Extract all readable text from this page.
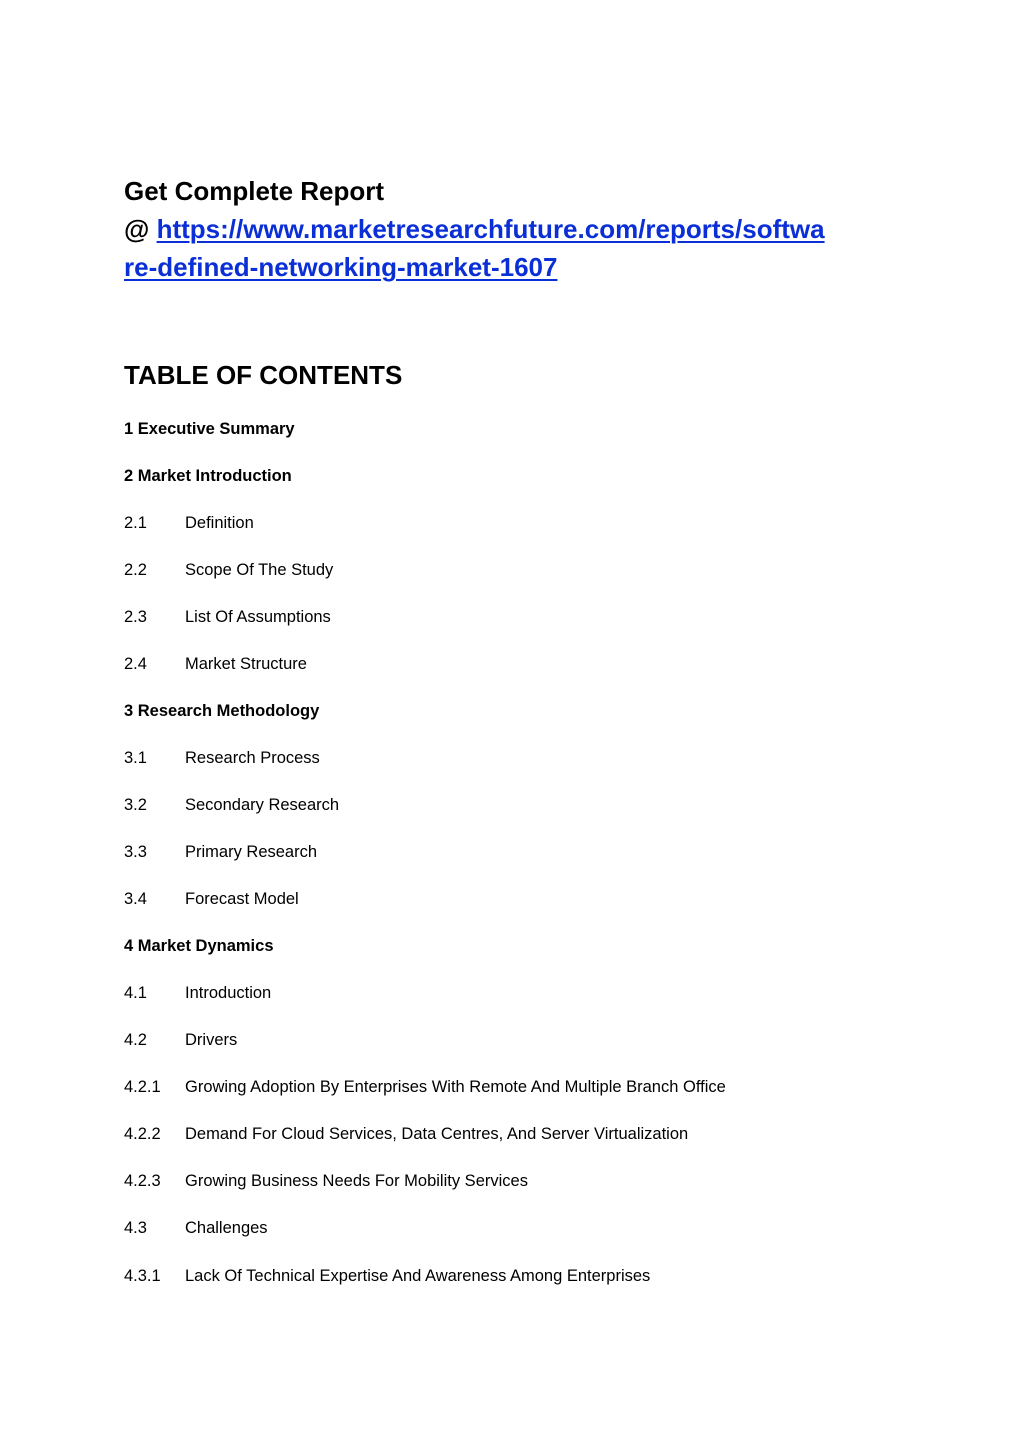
Get Complete Report
@ https://www.marketresearchfuture.com/reports/softwa
re-defined-networking-market-1607
TABLE OF CONTENTS
1 Executive Summary
2 Market Introduction
2.1 Definition
2.2 Scope Of The Study
2.3 List Of Assumptions
2.4 Market Structure
3 Research Methodology
3.1 Research Process
3.2 Secondary Research
3.3 Primary Research
3.4 Forecast Model
4 Market Dynamics
4.1 Introduction
4.2 Drivers
4.2.1 Growing Adoption By Enterprises With Remote And Multiple Branch Office
4.2.2 Demand For Cloud Services, Data Centres, And Server Virtualization
4.2.3 Growing Business Needs For Mobility Services
4.3 Challenges
4.3.1 Lack Of Technical Expertise And Awareness Among Enterprises
